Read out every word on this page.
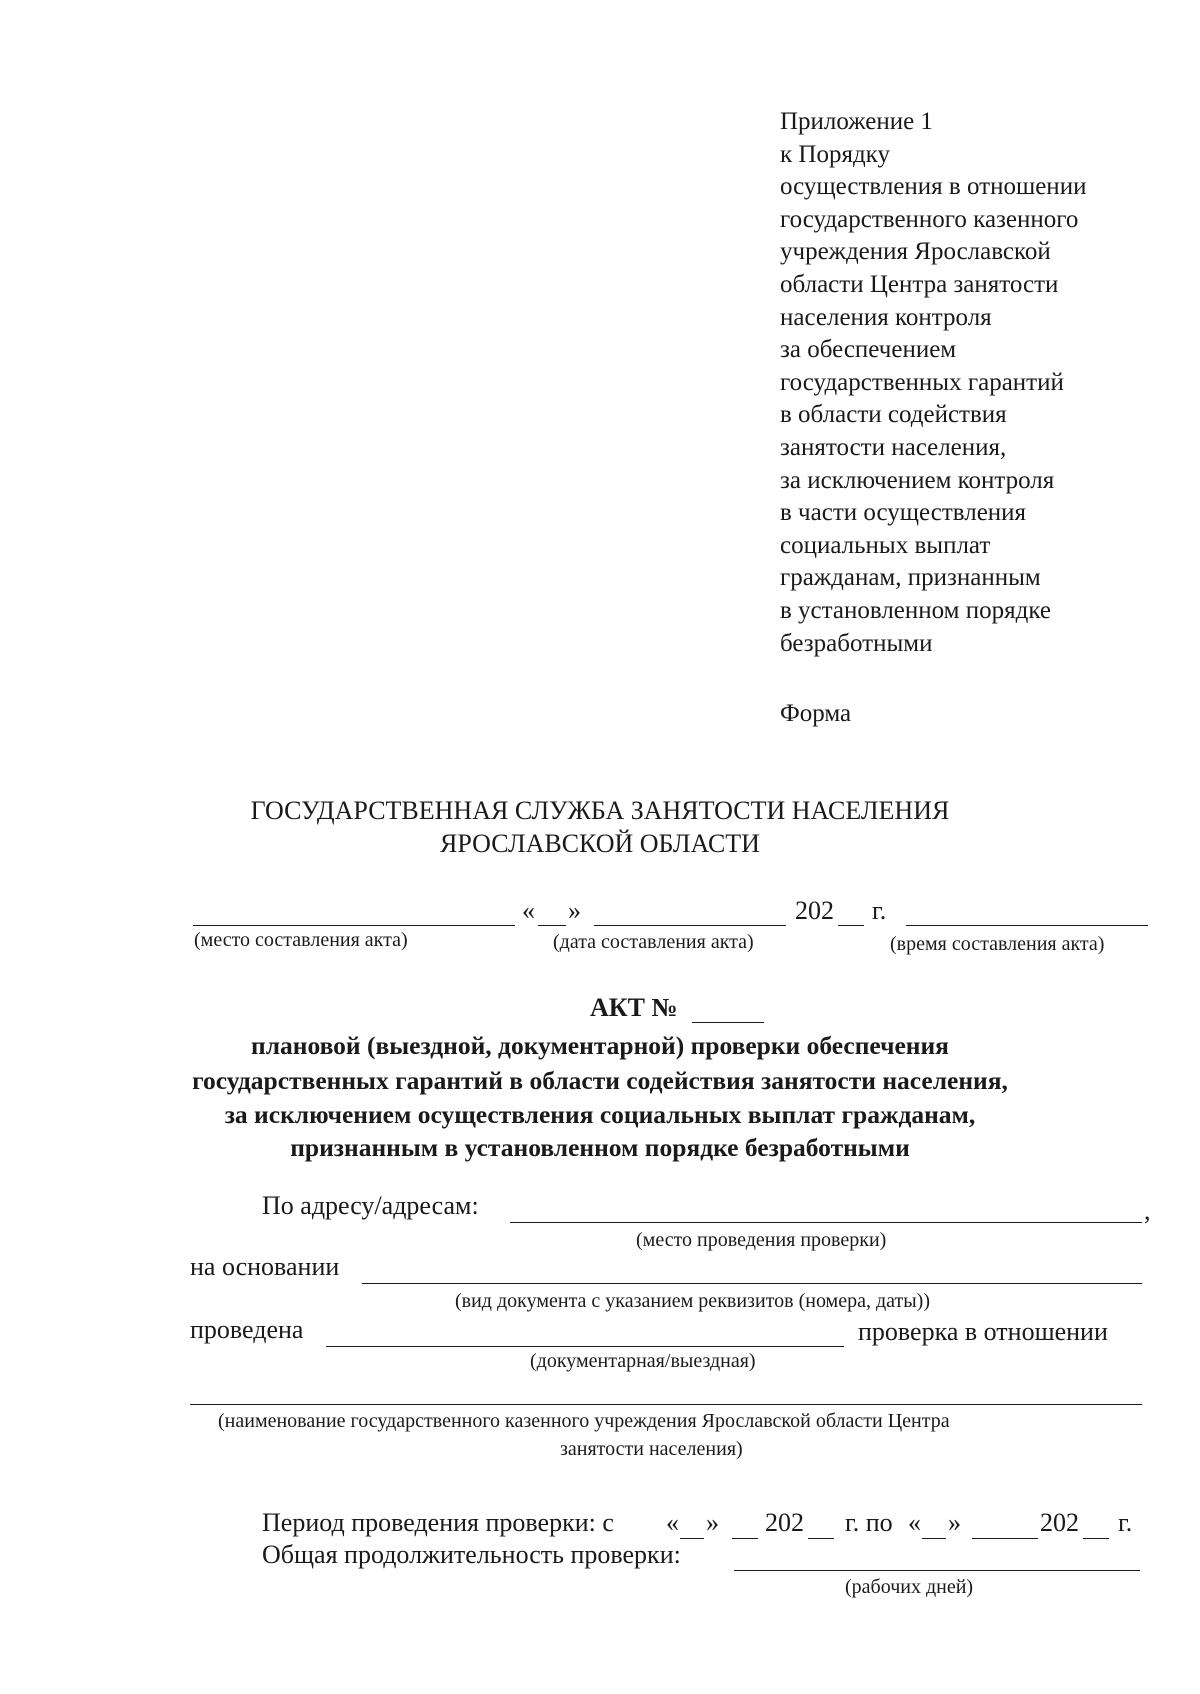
Приложение 1
к Порядку
осуществления в отношении
государственного казенного
учреждения Ярославской
области Центра занятости
населения контроля
за обеспечением
государственных гарантий
в области содействия
занятости населения,
за исключением контроля
в части осуществления
социальных выплат
гражданам, признанным
в установленном порядке
безработными
Форма
ГОСУДАРСТВЕННАЯ СЛУЖБА ЗАНЯТОСТИ НАСЕЛЕНИЯ
ЯРОСЛАВСКОЙ ОБЛАСТИ
« »	202 г.
(место составления акта)	(дата составления акта)	(время составления акта)
АКТ №
плановой (выездной, документарной) проверки обеспечения
государственных гарантий в области содействия занятости населения,
за исключением осуществления социальных выплат гражданам,
признанным в установленном порядке безработными
По адресу/адресам:	,
(место проведения проверки)
на основании
(вид документа с указанием реквизитов (номера, даты))
проведена	проверка в отношении
(документарная/выездная)
(наименование государственного казенного учреждения Ярославской области Центра
занятости населения)
Период проведения проверки: с « » 202 г. по « »	202 г.
Общая продолжительность проверки:
(рабочих дней)
